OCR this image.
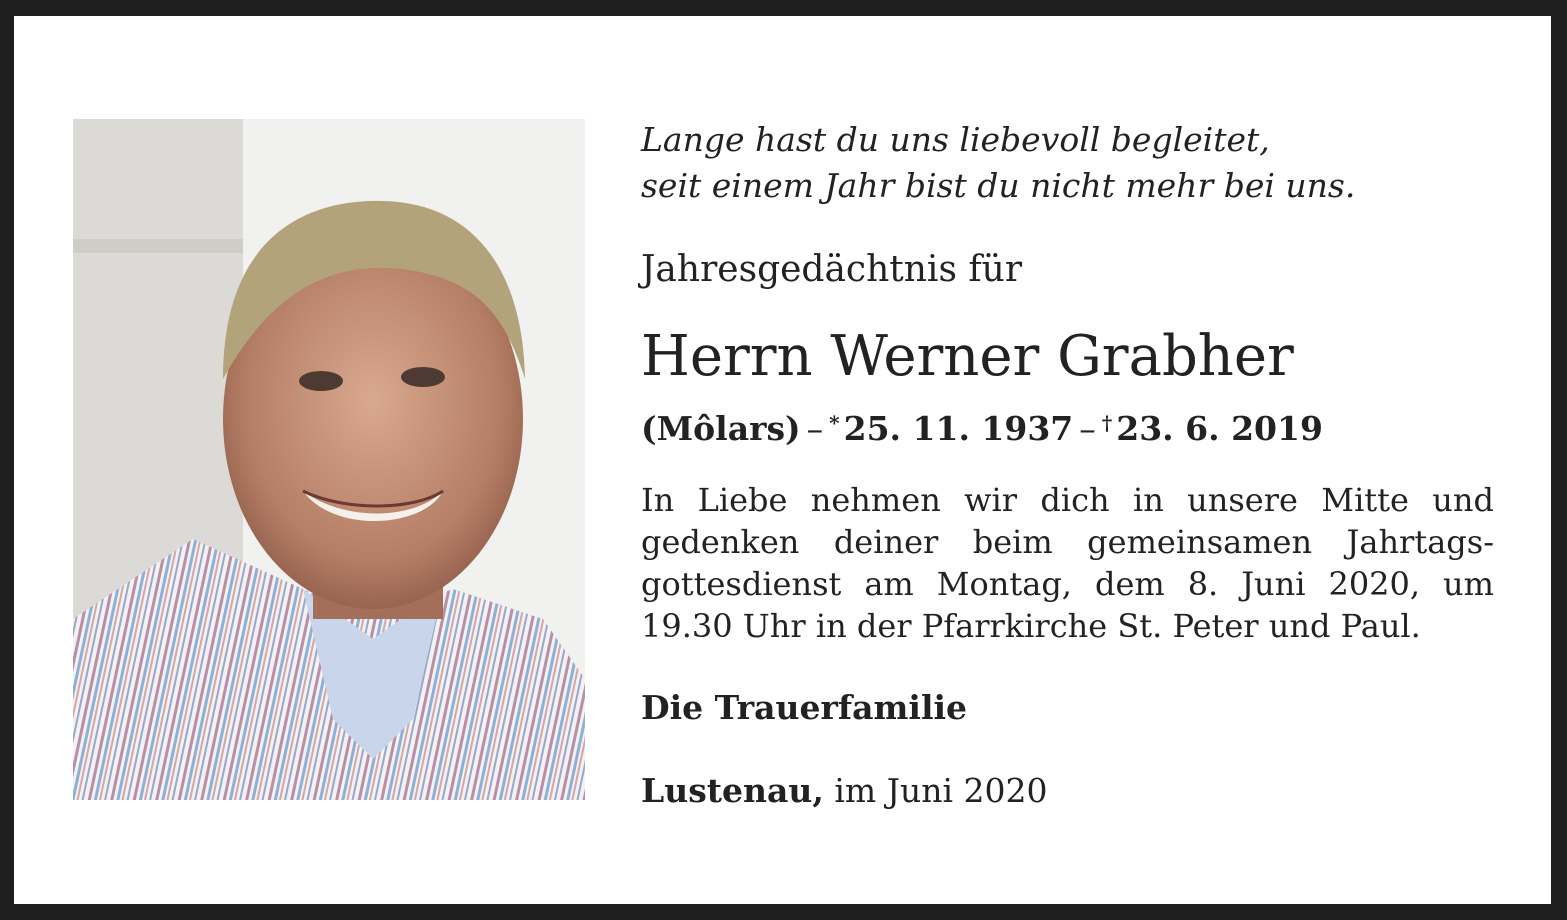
Lange hast du uns liebevoll begleitet,
seit einem Jahr bist du nicht mehr bei uns.
Jahresgedächtnis für
Herrn Werner Grabher
(Môlars) – * 25. 11. 1937 – † 23. 6. 2019
In Liebe nehmen wir dich in unsere Mitte und
gedenken deiner beim gemeinsamen Jahrtags-
gottesdienst am Montag, dem 8. Juni 2020, um
19.30 Uhr in der Pfarrkirche St. Peter und Paul.
Die Trauerfamilie
Lustenau, im Juni 2020
